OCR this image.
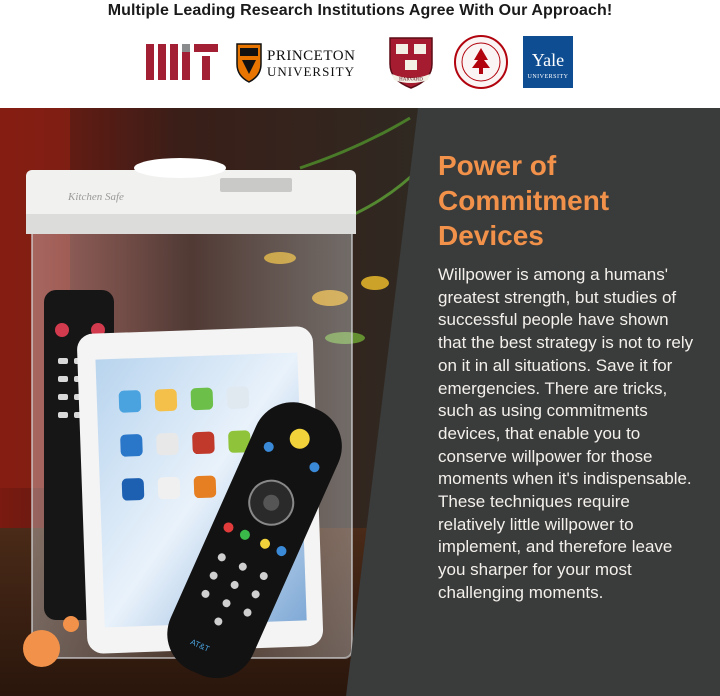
Multiple Leading Research Institutions Agree With Our Approach!
PRINCETON
UNIVERSITY
HARVARD
Yale
UNIVERSITY
Kitchen Safe
AT&T
Power of Commitment Devices
Willpower is among a humans' greatest strength, but studies of successful people have shown that the best strategy is not to rely on it in all situations. Save it for emergencies. There are tricks, such as using commitments devices, that enable you to conserve willpower for those moments when it's indispensable. These techniques require relatively little willpower to implement, and therefore leave you sharper for your most challenging moments.
